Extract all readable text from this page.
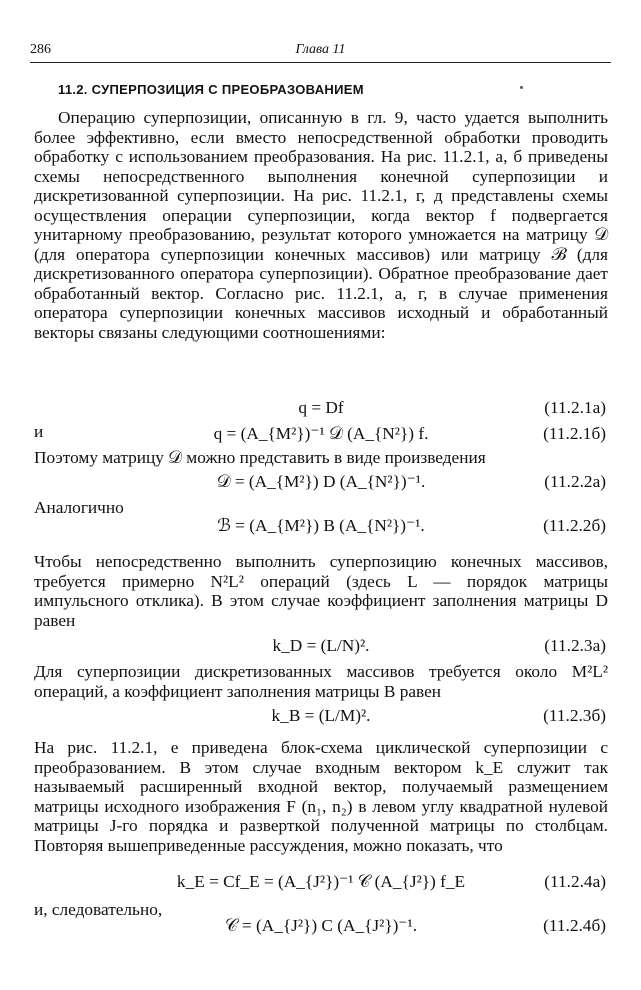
286	Глава 11
11.2. СУПЕРПОЗИЦИЯ С ПРЕОБРАЗОВАНИЕМ

Операцию суперпозиции, описанную в гл. 9, часто удается выполнить более эффективно, если вместо непосредственной обработки проводить обработку с использованием преобразования. На рис. 11.2.1, а, б приведены схемы непосредственного выполнения конечной суперпозиции и дискретизованной суперпозиции. На рис. 11.2.1, г, д представлены схемы осуществления операции суперпозиции, когда вектор f подвергается унитарному преобразованию, результат которого умножается на матрицу 𝒟 (для оператора суперпозиции конечных массивов) или матрицу ℬ (для дискретизованного оператора суперпозиции). Обратное преобразование дает обработанный вектор. Согласно рис. 11.2.1, а, г, в случае применения оператора суперпозиции конечных массивов исходный и обработанный векторы связаны следующими соотношениями:

q = Df	(11.2.1а)
и	q = (A_{M²})⁻¹ 𝒟 (A_{N²}) f.	(11.2.1б)

Поэтому матрицу 𝒟 можно представить в виде произведения

𝒟 = (A_{M²}) D (A_{N²})⁻¹.	(11.2.2а)
Аналогично
ℬ = (A_{M²}) B (A_{N²})⁻¹.	(11.2.2б)

Чтобы непосредственно выполнить суперпозицию конечных массивов, требуется примерно N²L² операций (здесь L — порядок матрицы импульсного отклика). В этом случае коэффициент заполнения матрицы D равен

k_D = (L/N)².	(11.2.3а)

Для суперпозиции дискретизованных массивов требуется около M²L² операций, а коэффициент заполнения матрицы B равен

k_B = (L/M)².	(11.2.3б)

На рис. 11.2.1, е приведена блок-схема циклической суперпозиции с преобразованием. В этом случае входным вектором k_E служит так называемый расширенный входной вектор, получаемый размещением матрицы исходного изображения F (n₁, n₂) в левом углу квадратной нулевой матрицы J-го порядка и разверткой полученной матрицы по столбцам. Повторяя вышеприведенные рассуждения, можно показать, что

k_E = Cf_E = (A_{J²})⁻¹ 𝒞 (A_{J²}) f_E	(11.2.4а)
и, следовательно,
𝒞 = (A_{J²}) C (A_{J²})⁻¹.	(11.2.4б)
